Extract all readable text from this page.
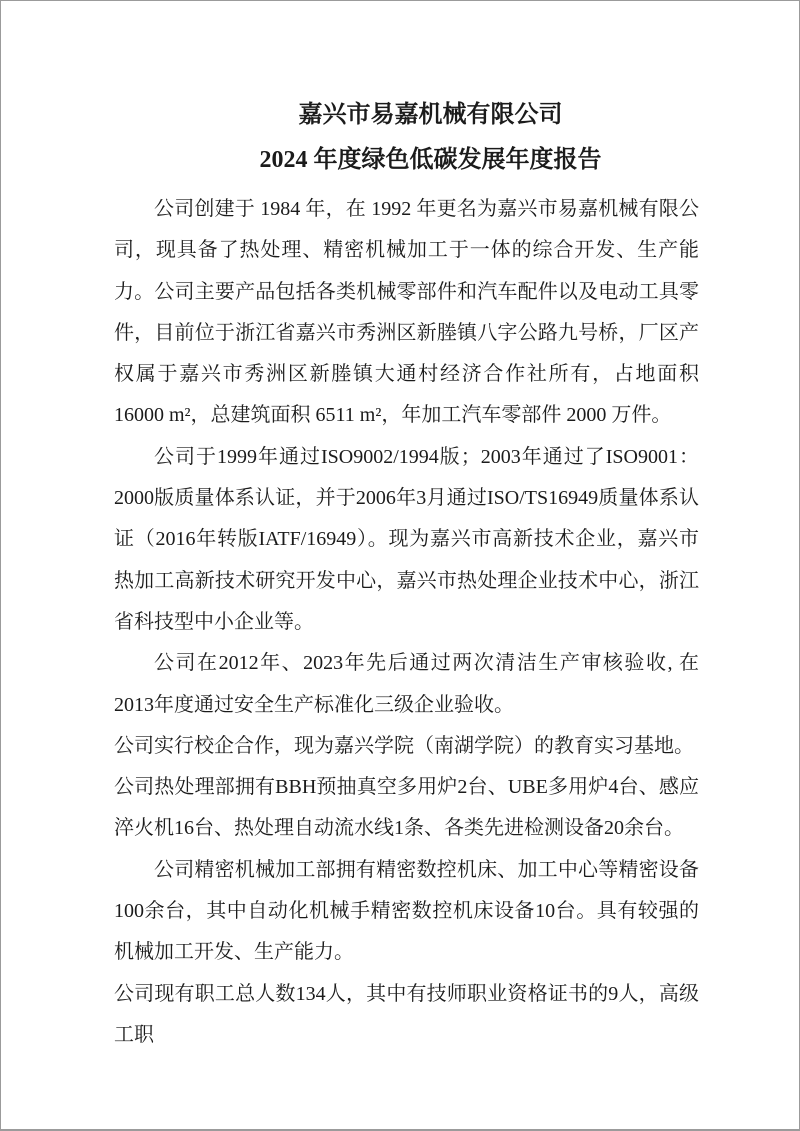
嘉兴市易嘉机械有限公司
2024 年度绿色低碳发展年度报告

公司创建于 1984 年，在 1992 年更名为嘉兴市易嘉机械有限公司，现具备了热处理、精密机械加工于一体的综合开发、生产能力。公司主要产品包括各类机械零部件和汽车配件以及电动工具零件，目前位于浙江省嘉兴市秀洲区新塍镇八字公路九号桥，厂区产权属于嘉兴市秀洲区新塍镇大通村经济合作社所有，占地面积 16000 m²，总建筑面积 6511 m²，年加工汽车零部件 2000 万件。

公司于1999年通过ISO9002/1994版；2003年通过了ISO9001：2000版质量体系认证，并于2006年3月通过ISO/TS16949质量体系认证（2016年转版IATF/16949）。现为嘉兴市高新技术企业，嘉兴市热加工高新技术研究开发中心，嘉兴市热处理企业技术中心，浙江省科技型中小企业等。

公司在2012年、2023年先后通过两次清洁生产审核验收, 在2013年度通过安全生产标准化三级企业验收。

公司实行校企合作，现为嘉兴学院（南湖学院）的教育实习基地。

公司热处理部拥有BBH预抽真空多用炉2台、UBE多用炉4台、感应淬火机16台、热处理自动流水线1条、各类先进检测设备20余台。

公司精密机械加工部拥有精密数控机床、加工中心等精密设备100余台，其中自动化机械手精密数控机床设备10台。具有较强的机械加工开发、生产能力。

公司现有职工总人数134人，其中有技师职业资格证书的9人，高级工职
